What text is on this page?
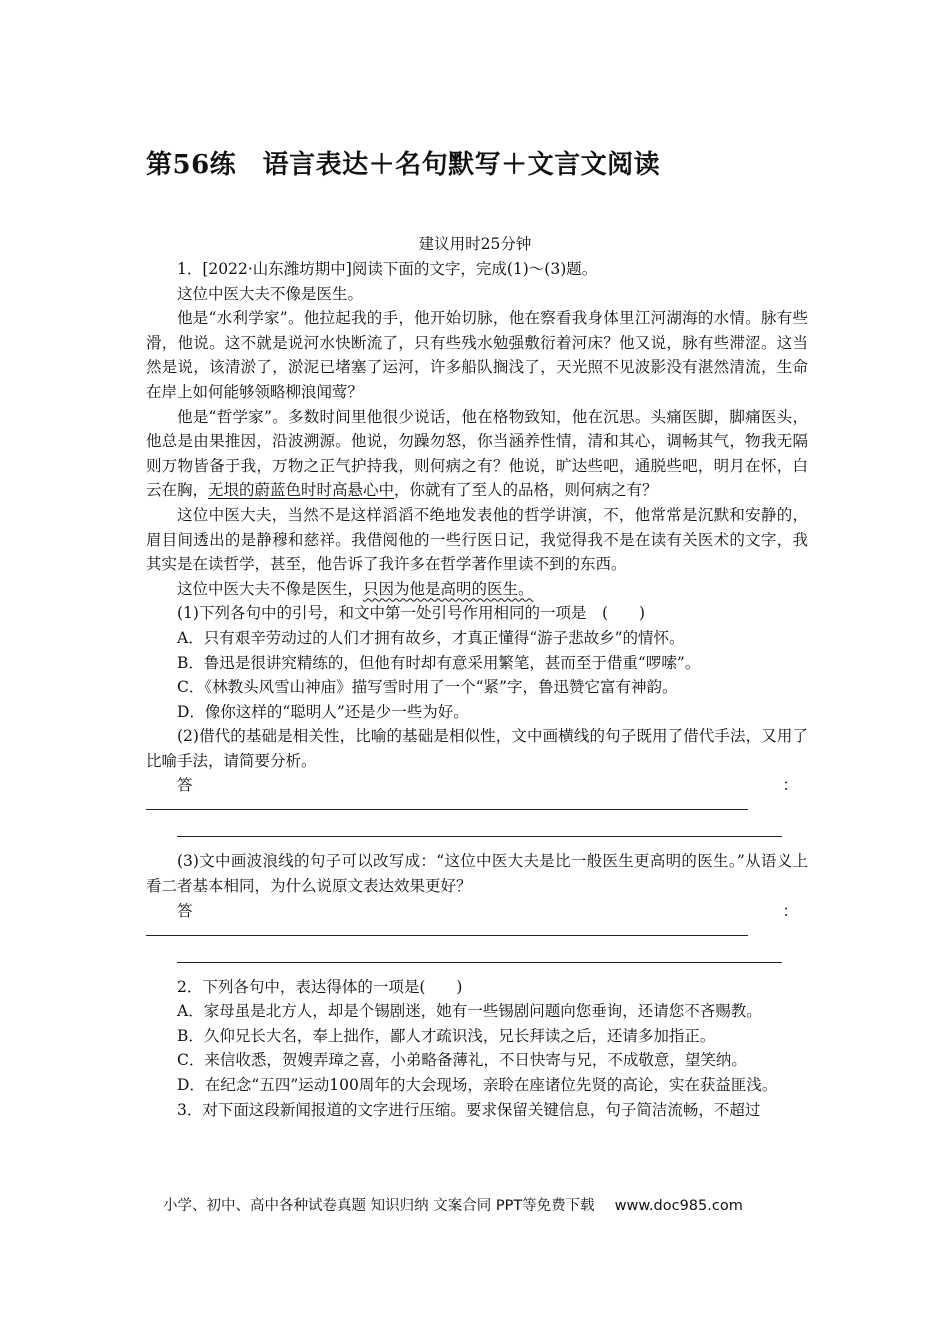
第56练　语言表达＋名句默写＋文言文阅读
建议用时25分钟

1．[2022·山东潍坊期中]阅读下面的文字，完成(1)～(3)题。

这位中医大夫不像是医生。

他是“水利学家”。他拉起我的手，他开始切脉，他在察看我身体里江河湖海的水情。脉有些滑，他说。这不就是说河水快断流了，只有些残水勉强敷衍着河床？他又说，脉有些滞涩。这当然是说，该清淤了，淤泥已堵塞了运河，许多船队搁浅了，天光照不见波影没有湛然清流，生命在岸上如何能够领略柳浪闻莺？

他是“哲学家”。多数时间里他很少说话，他在格物致知，他在沉思。头痛医脚，脚痛医头，他总是由果推因，沿波溯源。他说，勿躁勿怒，你当涵养性情，清和其心，调畅其气，物我无隔则万物皆备于我，万物之正气护持我，则何病之有？他说，旷达些吧，通脱些吧，明月在怀，白云在胸，无垠的蔚蓝色时时高悬心中，你就有了至人的品格，则何病之有？

这位中医大夫，当然不是这样滔滔不绝地发表他的哲学讲演，不，他常常是沉默和安静的，眉目间透出的是静穆和慈祥。我借阅他的一些行医日记，我觉得我不是在读有关医术的文字，我其实是在读哲学，甚至，他告诉了我许多在哲学著作里读不到的东西。

这位中医大夫不像是医生，只因为他是高明的医生。

(1)下列各句中的引号，和文中第一处引号作用相同的一项是　(　　)

A．只有艰辛劳动过的人们才拥有故乡，才真正懂得“游子悲故乡”的情怀。

B．鲁迅是很讲究精练的，但他有时却有意采用繁笔，甚而至于借重“啰嗦”。

C．《林教头风雪山神庙》描写雪时用了一个“紧”字，鲁迅赞它富有神韵。

D．像你这样的“聪明人”还是少一些为好。

(2)借代的基础是相关性，比喻的基础是相似性，文中画横线的句子既用了借代手法，又用了比喻手法，请简要分析。

答	：

(3)文中画波浪线的句子可以改写成：“这位中医大夫是比一般医生更高明的医生。”从语义上看二者基本相同，为什么说原文表达效果更好？

答	：

2．下列各句中，表达得体的一项是(　　)

A．家母虽是北方人，却是个锡剧迷，她有一些锡剧问题向您垂询，还请您不吝赐教。

B．久仰兄长大名，奉上拙作，鄙人才疏识浅，兄长拜读之后，还请多加指正。

C．来信收悉，贺嫂弄璋之喜，小弟略备薄礼，不日快寄与兄，不成敬意，望笑纳。

D．在纪念“五四”运动100周年的大会现场，亲聆在座诸位先贤的高论，实在获益匪浅。

3．对下面这段新闻报道的文字进行压缩。要求保留关键信息，句子简洁流畅，不超过

小学、初中、高中各种试卷真题 知识归纳 文案合同 PPT等免费下载 www.doc985.com
